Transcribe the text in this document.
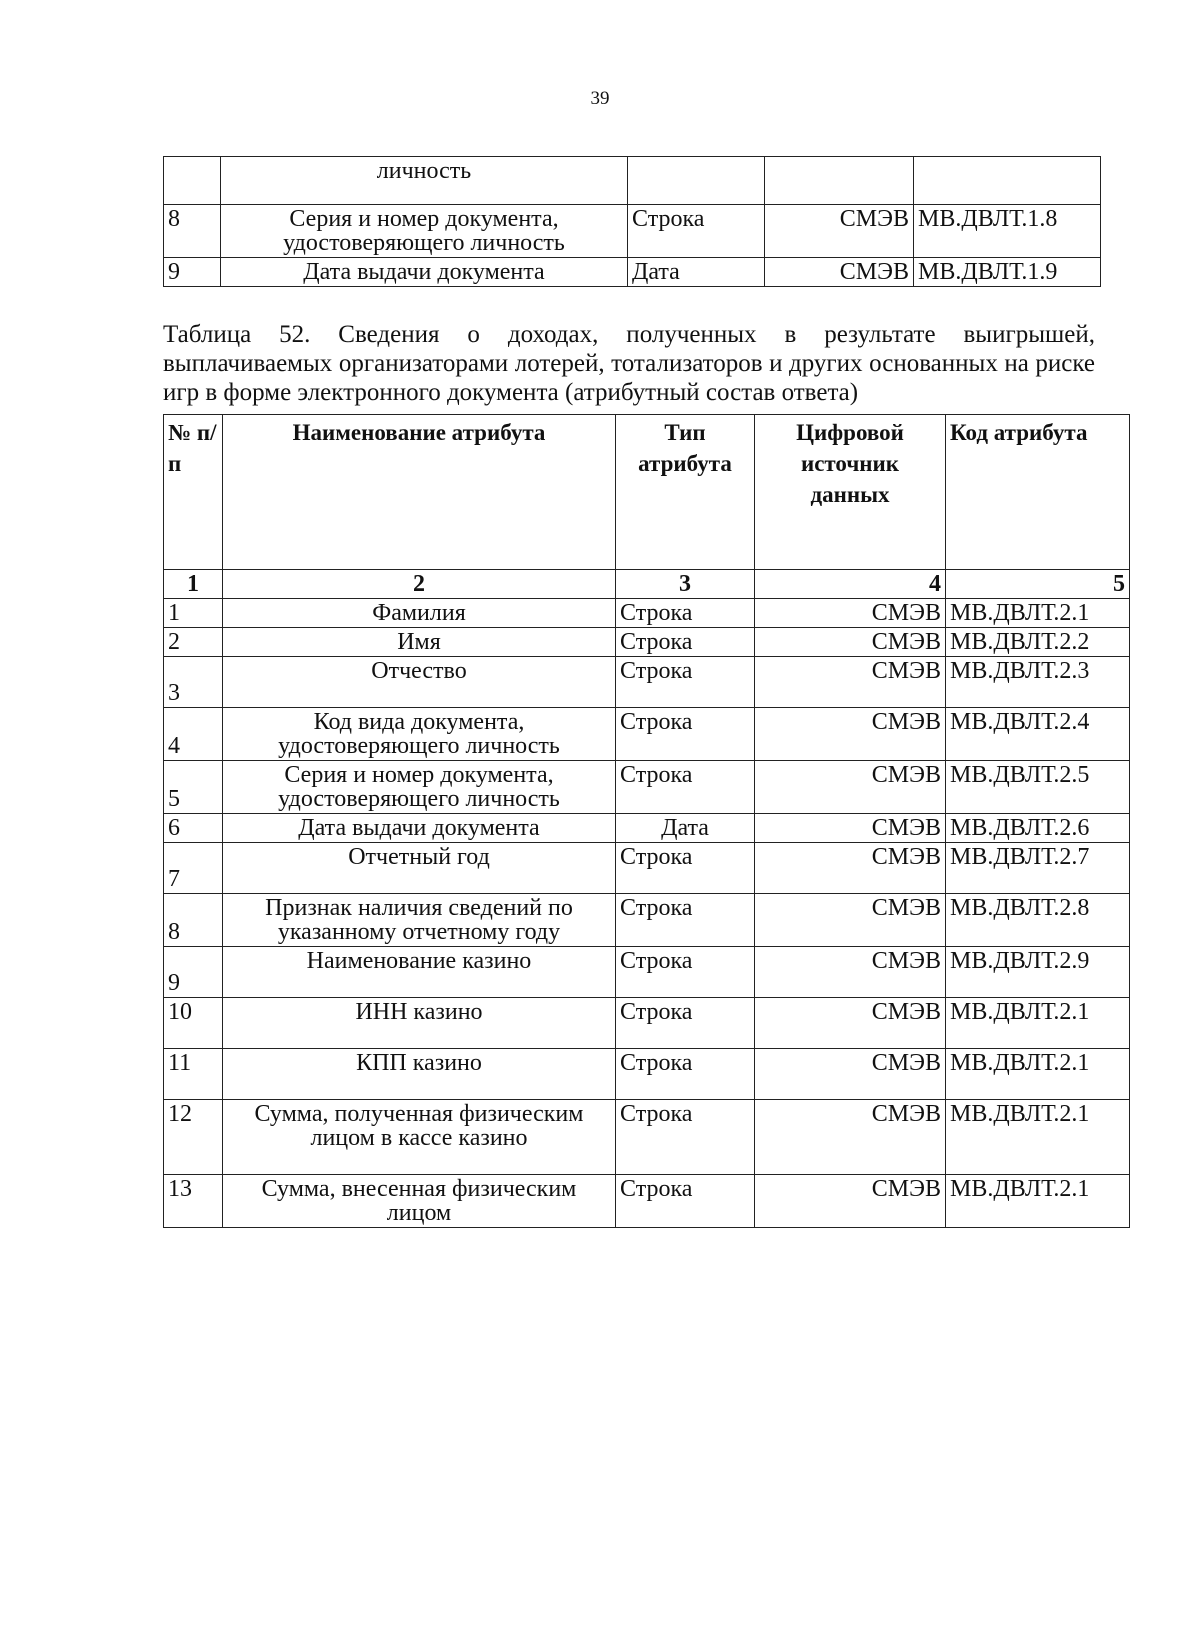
39
	личность			
8	Серия и номер документа, удостоверяющего личность	Строка	СМЭВ	МВ.ДВЛТ.1.8
9	Дата выдачи документа	Дата	СМЭВ	МВ.ДВЛТ.1.9
Таблица 52. Сведения о доходах, полученных в результате выигрышей, выплачиваемых организаторами лотерей, тотализаторов и других основанных на риске игр в форме электронного документа (атрибутный состав ответа)
№ п/п	Наименование атрибута	Тип атрибута	Цифровой источник данных	Код атрибута
1	2	3	4	5
1	Фамилия	Строка	СМЭВ	МВ.ДВЛТ.2.1
2	Имя	Строка	СМЭВ	МВ.ДВЛТ.2.2
3	Отчество	Строка	СМЭВ	МВ.ДВЛТ.2.3
4	Код вида документа, удостоверяющего личность	Строка	СМЭВ	МВ.ДВЛТ.2.4
5	Серия и номер документа, удостоверяющего личность	Строка	СМЭВ	МВ.ДВЛТ.2.5
6	Дата выдачи документа	Дата	СМЭВ	МВ.ДВЛТ.2.6
7	Отчетный год	Строка	СМЭВ	МВ.ДВЛТ.2.7
8	Признак наличия сведений по указанному отчетному году	Строка	СМЭВ	МВ.ДВЛТ.2.8
9	Наименование казино	Строка	СМЭВ	МВ.ДВЛТ.2.9
10	ИНН казино	Строка	СМЭВ	МВ.ДВЛТ.2.1
11	КПП казино	Строка	СМЭВ	МВ.ДВЛТ.2.1
12	Сумма, полученная физическим лицом в кассе казино	Строка	СМЭВ	МВ.ДВЛТ.2.1
13	Сумма, внесенная физическим лицом	Строка	СМЭВ	МВ.ДВЛТ.2.1
